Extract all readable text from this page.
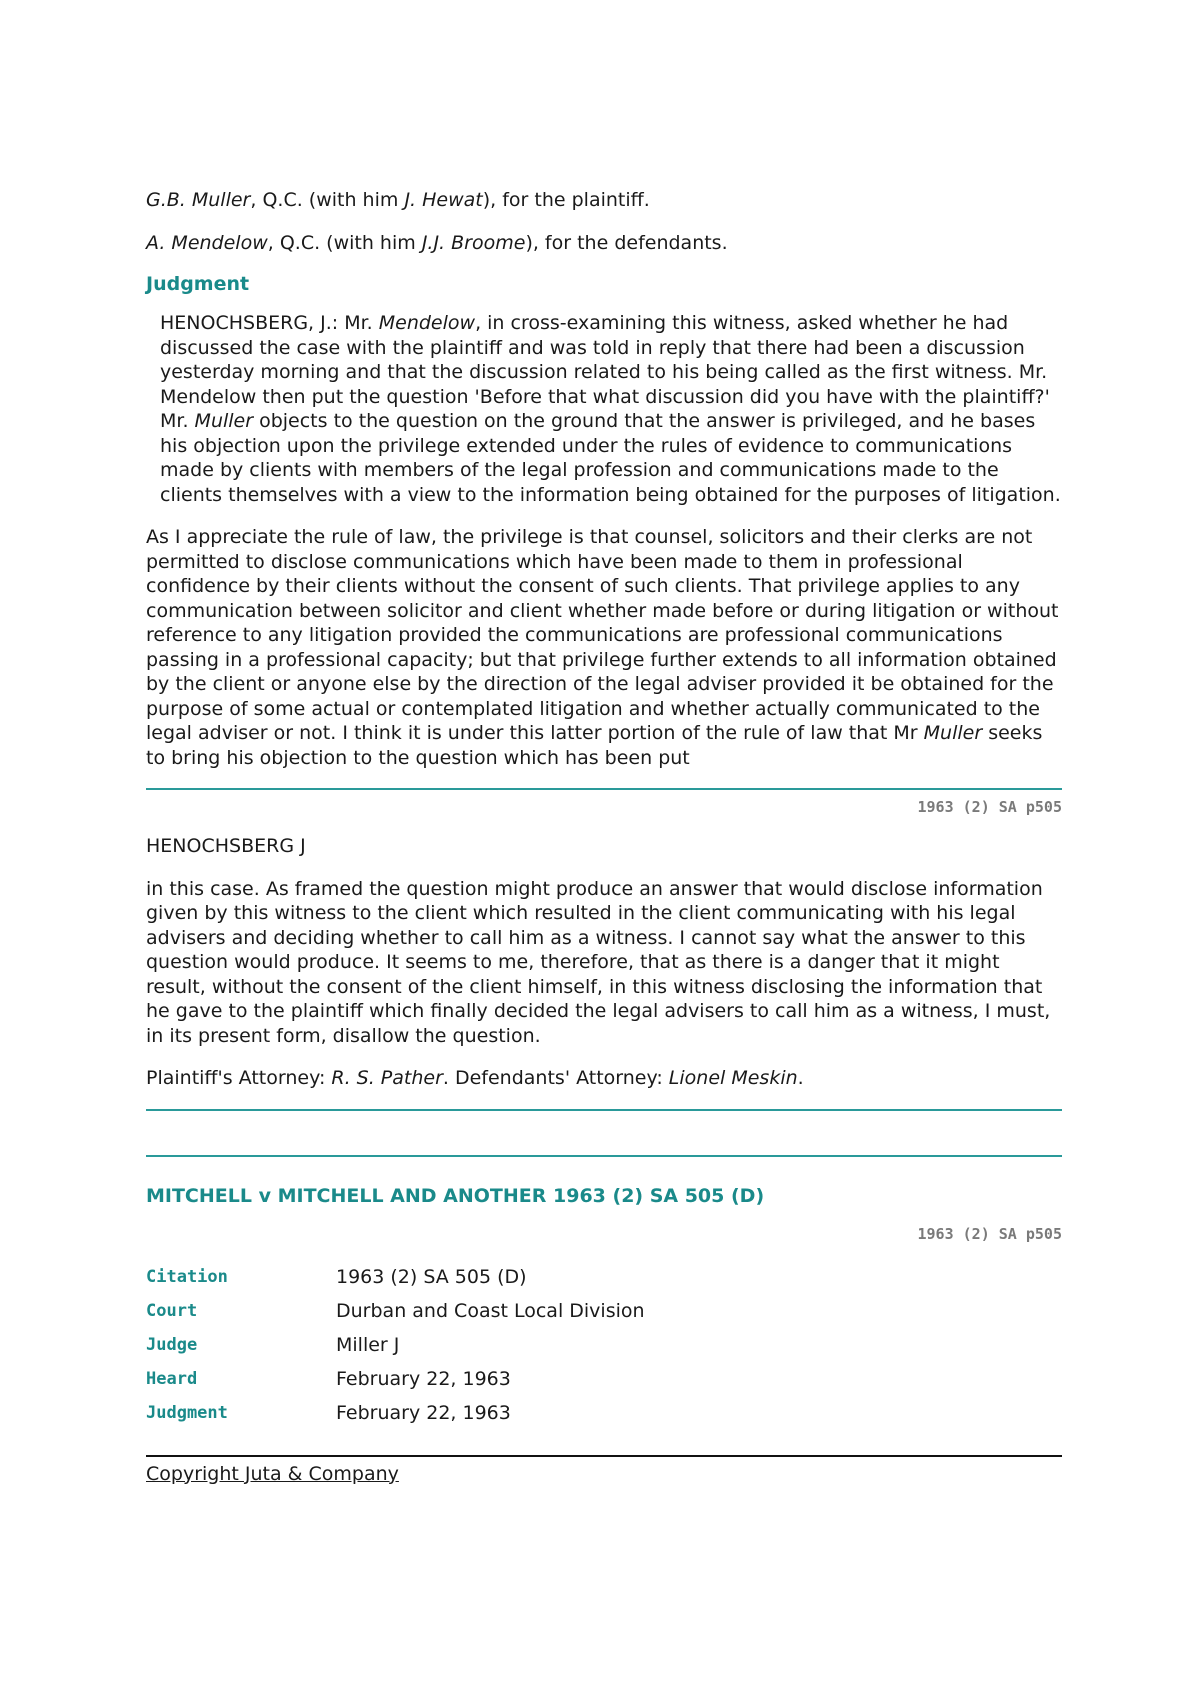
G.B. Muller, Q.C. (with him J. Hewat), for the plaintiff.

A. Mendelow, Q.C. (with him J.J. Broome), for the defendants.

Judgment

HENOCHSBERG, J.: Mr. Mendelow, in cross-examining this witness, asked whether he had discussed the case with the plaintiff and was told in reply that there had been a discussion yesterday morning and that the discussion related to his being called as the first witness. Mr. Mendelow then put the question 'Before that what discussion did you have with the plaintiff?' Mr. Muller objects to the question on the ground that the answer is privileged, and he bases his objection upon the privilege extended under the rules of evidence to communications made by clients with members of the legal profession and communications made to the clients themselves with a view to the information being obtained for the purposes of litigation.

As I appreciate the rule of law, the privilege is that counsel, solicitors and their clerks are not permitted to disclose communications which have been made to them in professional confidence by their clients without the consent of such clients. That privilege applies to any communication between solicitor and client whether made before or during litigation or without reference to any litigation provided the communications are professional communications passing in a professional capacity; but that privilege further extends to all information obtained by the client or anyone else by the direction of the legal adviser provided it be obtained for the purpose of some actual or contemplated litigation and whether actually communicated to the legal adviser or not. I think it is under this latter portion of the rule of law that Mr Muller seeks to bring his objection to the question which has been put

1963 (2) SA p505

HENOCHSBERG J

in this case. As framed the question might produce an answer that would disclose information given by this witness to the client which resulted in the client communicating with his legal advisers and deciding whether to call him as a witness. I cannot say what the answer to this question would produce. It seems to me, therefore, that as there is a danger that it might result, without the consent of the client himself, in this witness disclosing the information that he gave to the plaintiff which finally decided the legal advisers to call him as a witness, I must, in its present form, disallow the question.

Plaintiff's Attorney: R. S. Pather. Defendants' Attorney: Lionel Meskin.

MITCHELL v MITCHELL AND ANOTHER 1963 (2) SA 505 (D)
1963 (2) SA p505
Citation	1963 (2) SA 505 (D)
Court	Durban and Coast Local Division
Judge	Miller J
Heard	February 22, 1963
Judgment	February 22, 1963
Copyright Juta & Company
